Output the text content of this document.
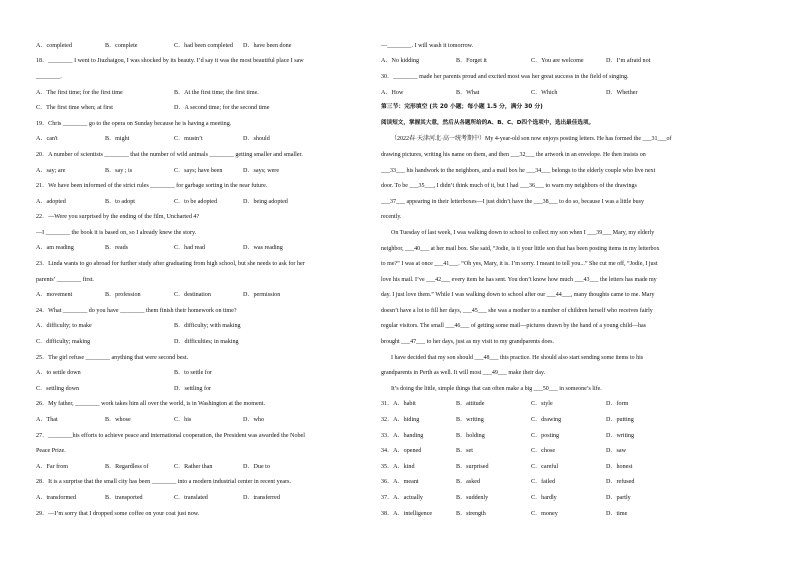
A．completed	B．complete	C．had been completed	D．have been done
18．________ I went to Jiuzhaigou, I was shocked by its beauty. I’d say it was the most beautiful place I saw
________.
A．The first time; for the first time	B．At the first time; the first time.
C．The first time when; at first	D．A second time; for the second time
19．Chris ________ go to the opera on Sunday because he is having a meeting.
A．can't	B．might	C．mustn’t	D．should
20．A number of scientists ________ that the number of wild animals ________ getting smaller and smaller.
A．say; are	B．say ; is	C．says; have been	D．says; were
21．We have been informed of the strict rules ________ for garbage sorting in the near future.
A．adopted	B．to adopt	C．to be adopted	D．being adopted
22．—Were you surprised by the ending of the film, Uncharted 4?
—I ________ the book it is based on, so I already knew the story.
A．am reading	B．reads	C．had read	D．was reading
23．Linda wants to go abroad for further study after graduating from high school, but she needs to ask for her
parents’ ________ first.
A．movement	B．profession	C．destination	D．permission
24．What ________ do you have ________ them finish their homework on time?
A．difficulty; to make	B．difficulty; with making
C．difficulty; making	D．difficulties; in making
25．The girl refuse ________ anything that were second best.
A．to settle down	B．to settle for
C．settling down	D．settling for
26．My father, ________ work takes him all over the world, is in Washington at the moment.
A．That	B．whose	C．his	D．who
27．________his efforts to achieve peace and international cooperation, the President was awarded the Nobel
Peace Prize.
A．Far from	B．Regardless of	C．Rather than	D．Due to
28．It is a surprise that the small city has been ________ into a modern industrial center in recent years.
A．transformed	B．transported	C．translated	D．transferred
29．—I’m sorry that I dropped some coffee on your coat just now.
—________. I will wash it tomorrow.
A．No kidding	B．Forget it	C．You are welcome	D．I’m afraid not
30．________ made her parents proud and excited most was her great success in the field of singing.
A．How	B．What	C．Which	D．Whether
第三节：完形填空 (共 20 小题；每小题 1.5 分，满分 30 分)
阅读短文，掌握其大意，然后从各题所给的A、B、C、D四个选项中，选出最佳选项。
（2022春·天津河北·高一统考期中）My 4-year-old son now enjoys posting letters. He has formed the ___31___of
drawing pictures, writing his name on them, and then ___32___ the artwork in an envelope. He then insists on
___33___ his handwork to the neighbors, and a mail box he ___34___ belongs to the elderly couple who live next
door. To be ___35___, I didn’t think much of it, but I had ___36___ to warn my neighbors of the drawings
___37___ appearing in their letterboxes—I just didn’t have the ___38___ to do so, because I was a little busy
recently.
On Tuesday of last week, I was walking down to school to collect my son when I ___39___ Mary, my elderly
neighbor, ___40___ at her mail box. She said, “Jodie, is it your little son that has been posting items in my letterbox
to me?” I was at once ___41___. “Oh yes, Mary, it is. I’m sorry. I meant to tell you...” She cut me off, “Jodie, I just
love his mail. I’ve ___42___ every item he has sent. You don’t know how much ___43___ the letters has made my
day. I just love them.” While I was walking down to school after our ___44___, many thoughts came to me. Mary
doesn’t have a lot to fill her days, ___45___ she was a mother to a number of children herself who receives fairly
regular visitors. The small ___46___ of getting some mail—pictures drawn by the hand of a young child—has
brought ___47___ to her days, just as my visit to my grandparents does.
I have decided that my son should ___48___ this practice. He should also start sending some items to his
grandparents in Perth as well. It will most ___49___ make their day.
It’s doing the little, simple things that can often make a big ___50___ in someone’s life.
31．A．habit	B．attitude	C．style	D．form
32．A．hiding	B．writing	C．drawing	D．putting
33．A．handing	B．holding	C．posting	D．writing
34．A．opened	B．set	C．chose	D．saw
35．A．kind	B．surprised	C．careful	D．honest
36．A．meant	B．asked	C．failed	D．refused
37．A．actually	B．suddenly	C．hardly	D．partly
38．A．intelligence	B．strength	C．money	D．time
